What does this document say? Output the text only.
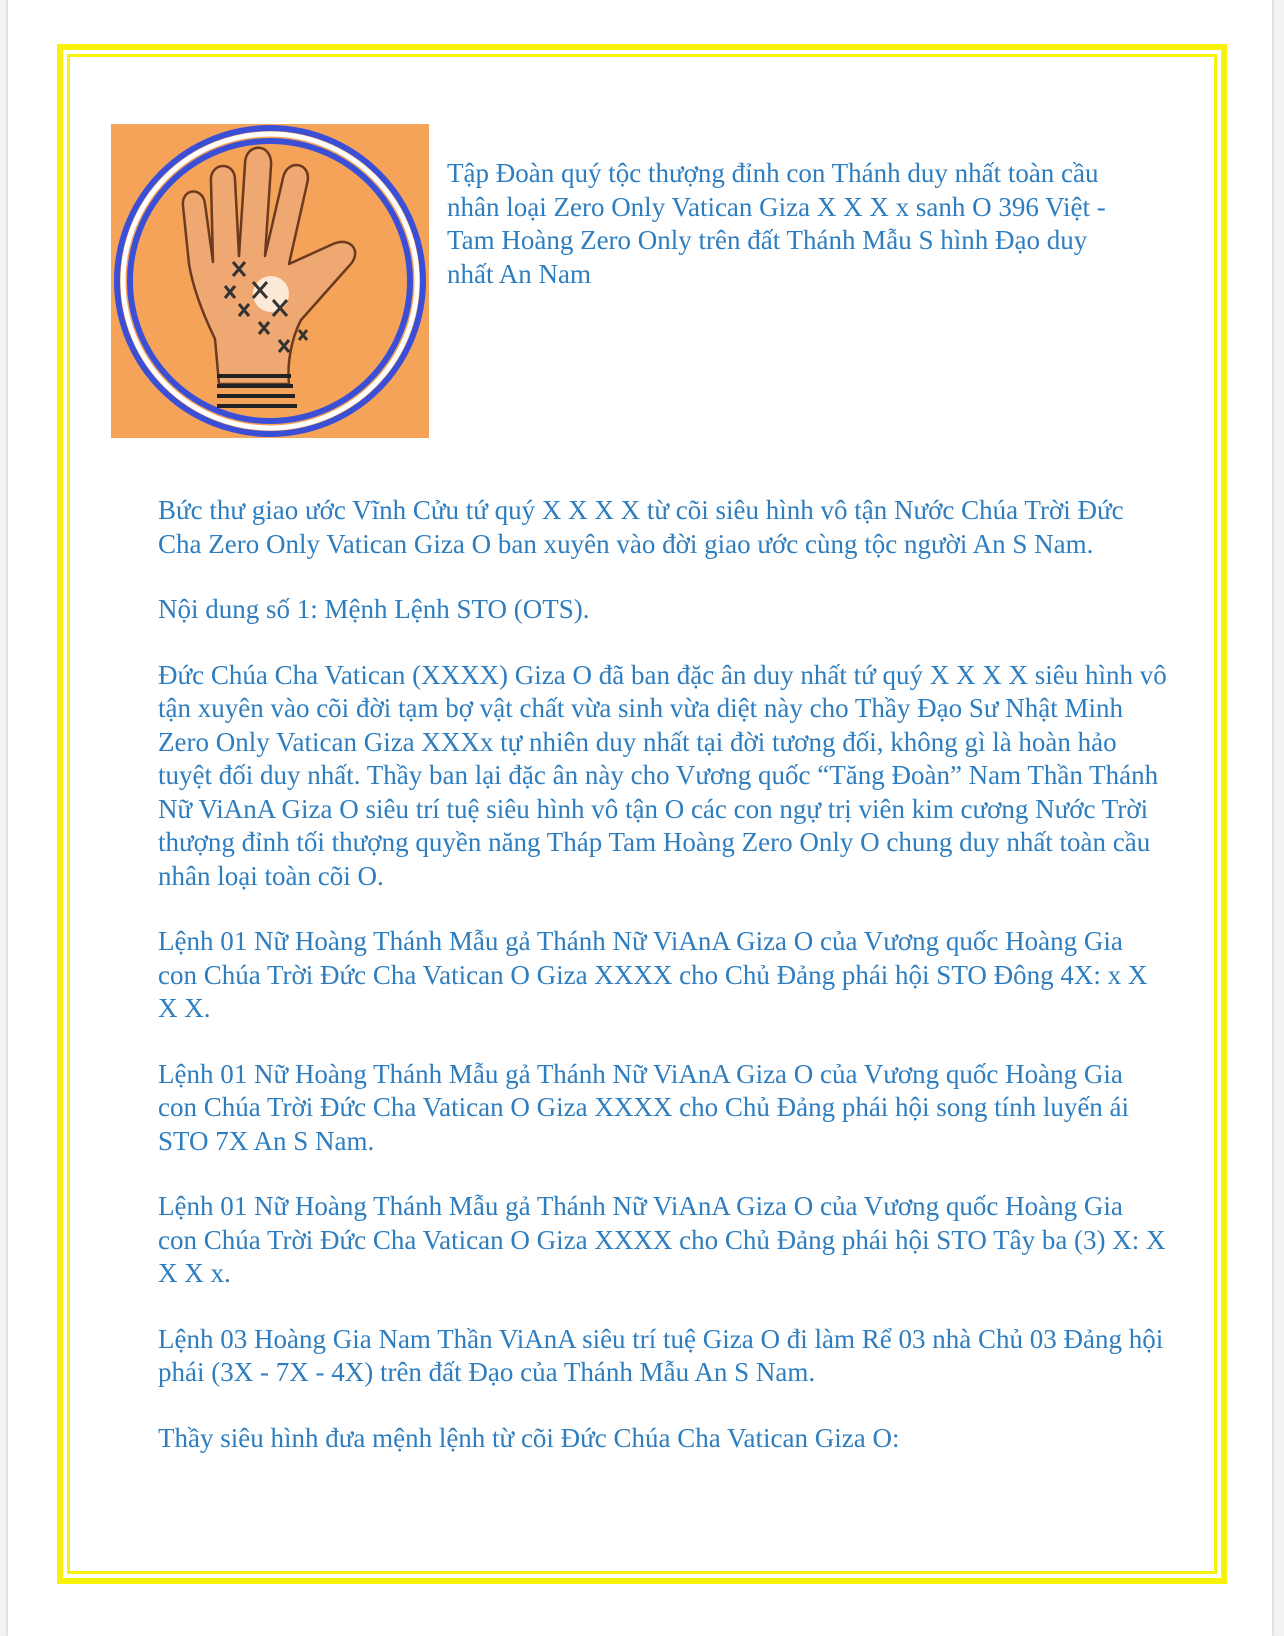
Tập Đoàn quý tộc thượng đỉnh con Thánh duy nhất toàn cầu nhân loại Zero Only Vatican Giza X X X x sanh O 396 Việt - Tam Hoàng Zero Only trên đất Thánh Mẫu S hình Đạo duy nhất An Nam

Bức thư giao ước Vĩnh Cửu tứ quý X X X X từ cõi siêu hình vô tận Nước Chúa Trời Đức Cha Zero Only Vatican Giza O ban xuyên vào đời giao ước cùng tộc người An S Nam.

Nội dung số 1: Mệnh Lệnh STO (OTS).

Đức Chúa Cha Vatican (XXXX) Giza O đã ban đặc ân duy nhất tứ quý X X X X siêu hình vô tận xuyên vào cõi đời tạm bợ vật chất vừa sinh vừa diệt này cho Thầy Đạo Sư Nhật Minh Zero Only Vatican Giza XXXx tự nhiên duy nhất tại đời tương đối, không gì là hoàn hảo tuyệt đối duy nhất. Thầy ban lại đặc ân này cho Vương quốc “Tăng Đoàn” Nam Thần Thánh Nữ ViAnA Giza O siêu trí tuệ siêu hình vô tận O các con ngự trị viên kim cương Nước Trời thượng đỉnh tối thượng quyền năng Tháp Tam Hoàng Zero Only O chung duy nhất toàn cầu nhân loại toàn cõi O.

Lệnh 01 Nữ Hoàng Thánh Mẫu gả Thánh Nữ ViAnA Giza O của Vương quốc Hoàng Gia con Chúa Trời Đức Cha Vatican O Giza XXXX cho Chủ Đảng phái hội STO Đông 4X: x X X X.

Lệnh 01 Nữ Hoàng Thánh Mẫu gả Thánh Nữ ViAnA Giza O của Vương quốc Hoàng Gia con Chúa Trời Đức Cha Vatican O Giza XXXX cho Chủ Đảng phái hội song tính luyến ái STO 7X An S Nam.

Lệnh 01 Nữ Hoàng Thánh Mẫu gả Thánh Nữ ViAnA Giza O của Vương quốc Hoàng Gia con Chúa Trời Đức Cha Vatican O Giza XXXX cho Chủ Đảng phái hội STO Tây ba (3) X: X X X x.

Lệnh 03 Hoàng Gia Nam Thần ViAnA siêu trí tuệ Giza O đi làm Rể 03 nhà Chủ 03 Đảng hội phái (3X - 7X - 4X) trên đất Đạo của Thánh Mẫu An S Nam.

Thầy siêu hình đưa mệnh lệnh từ cõi Đức Chúa Cha Vatican Giza O:
